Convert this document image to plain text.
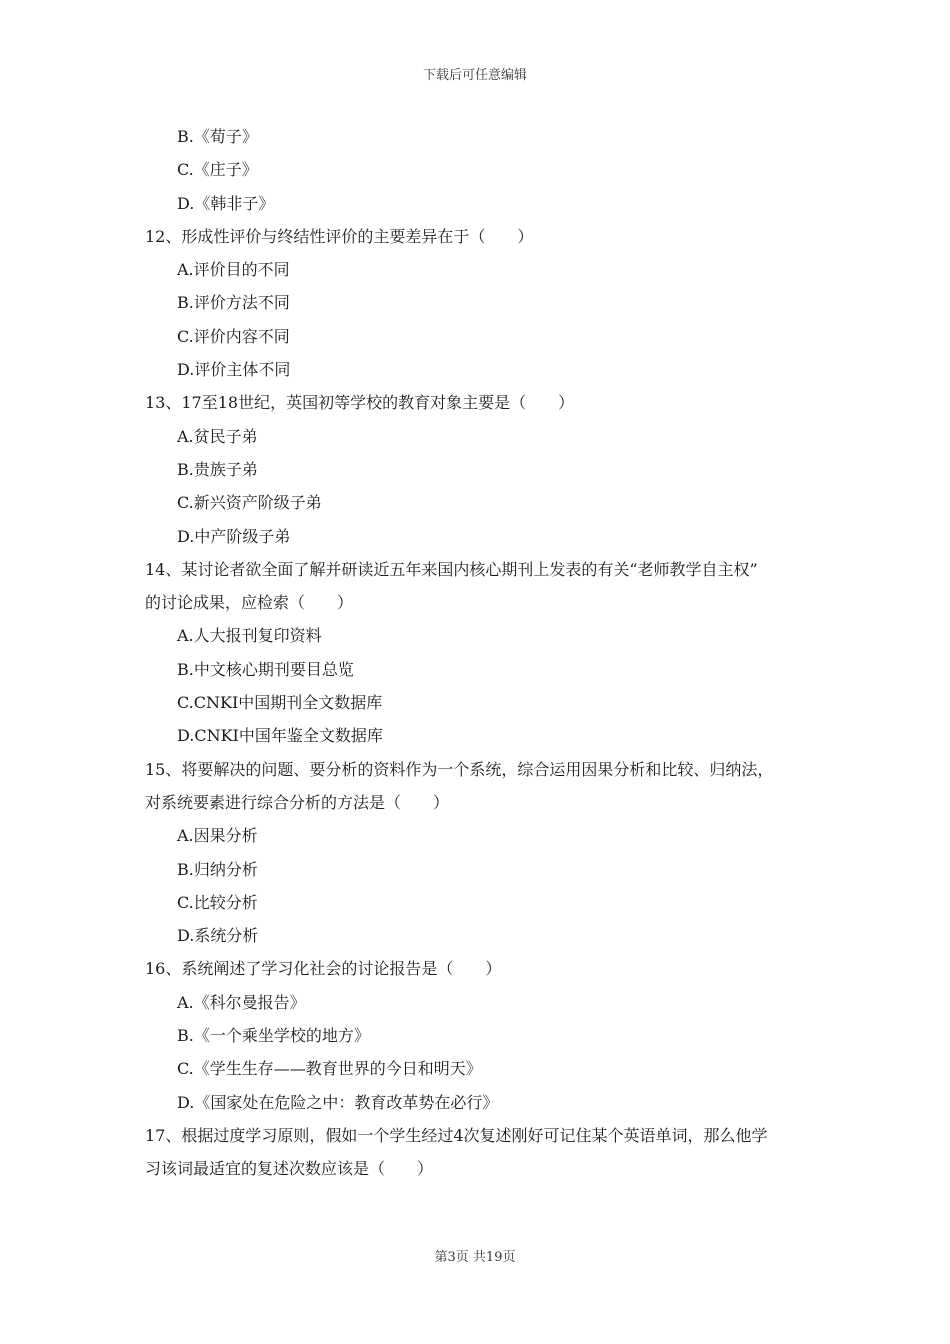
下载后可任意编辑
B.《荀子》
C.《庄子》
D.《韩非子》
12、形成性评价与终结性评价的主要差异在于（　　）
A.评价目的不同
B.评价方法不同
C.评价内容不同
D.评价主体不同
13、17至18世纪，英国初等学校的教育对象主要是（　　）
A.贫民子弟
B.贵族子弟
C.新兴资产阶级子弟
D.中产阶级子弟
14、某讨论者欲全面了解并研读近五年来国内核心期刊上发表的有关“老师教学自主权”
的讨论成果，应检索（　　）
A.人大报刊复印资料
B.中文核心期刊要目总览
C.CNKI中国期刊全文数据库
D.CNKI中国年鉴全文数据库
15、将要解决的问题、要分析的资料作为一个系统，综合运用因果分析和比较、归纳法，
对系统要素进行综合分析的方法是（　　）
A.因果分析
B.归纳分析
C.比较分析
D.系统分析
16、系统阐述了学习化社会的讨论报告是（　　）
A.《科尔曼报告》
B.《一个乘坐学校的地方》
C.《学生生存——教育世界的今日和明天》
D.《国家处在危险之中：教育改革势在必行》
17、根据过度学习原则，假如一个学生经过4次复述刚好可记住某个英语单词，那么他学
习该词最适宜的复述次数应该是（　　）
第3页 共19页
